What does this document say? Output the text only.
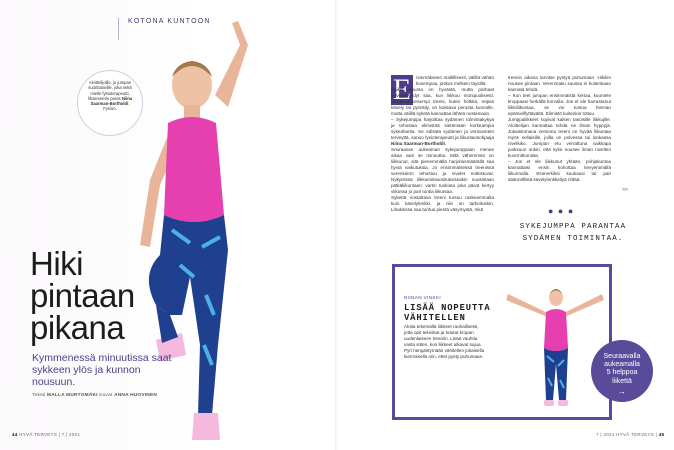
KOTONA KUNTOON
Aloittelijoille, jo jumpan suorittaneille, joka sekä mielle fysioterapeutti, lihasmeetin paras Niina Saarman-Bortholdi: Fysioo.
Hiki
pintaan
pikana
Kymmenessä minuutissa saat sykkeen ylös ja kunnon nousuun.
Teksti MALLA MURTOMÄKI Kuvat ANNA HUOVINEN
44 HYVÄ TERVEYS | 7 | 2021
E	nimmäkseen maltillisesti, välillä vähän kovempaa, joskus melkein täysillä.

Kaikki liikunta on hyvästä, mutta parhaat terveyshyödyt saa, kun liikkuu monipuolisesti. Matalaszkkeisempi treeni, kuten hölkkä, reipas kävely tai pyöräily, on koistava perusta kunnolle, mutta välillä syketä kannattaa lähteä nostamaan.

– Sykejumppa harjoittaa sydämen toimintakykyä ja tehostaa elimistöä sietämään korkeampia sykeahartia. Se edistää sydämen ja verisuonten terveyttä, sanoo fysioterapeutti ja liikuntaosohjaaja Niina Saarman-Bortholdi.

Seuraavan aukeaman sykejumppaan menee aikaa vain se minuuttia. Mitä vähemmän on liikkunut, sitä pienemmällä harjoitusmäärällä saa hyviä vaikutuksia. Jo ensimmäisessä treenissä verenkierto tehostuu ja nivelet notkistuvat. Nykyisissä liikkumissuosituksissakin nuukistaan pätkäliikuntaan: vartin tuokiota joka päivä kertyy viikossa jo pari tuntia liikuntaa.

Sykettä nostattava treeni tuntuu raskeammalta kuin kävelylenkki, ja niin on tarkoituskin. Lihaksissa saa tuntua pientä väsymystä, mkä

treenin aikana tarvitse pystyä puhumaan. Hikikin nousee pintaan. Verenmaku suussa ei kuitenkaan kannata tehdä.

– Kun teet jumpan ensimmäistä kertaa, kuuntele kroppaasi herkällä korvalla. Jos et ole harrastanut liikkiliikuntaa, se voi tuntua hieman epämielllyttävältä. Elimistö kuitenkin tottuu.

Jumppaliikkeet sopivat kaiken tasoisille liikkujille. Aloittelijan kannattaa tehdä ne ilman hyppyjä. Jokaistomana versiona treeni on hyvää liikuntaa myös sellaisille, joilla on polvessa tai lonkassa nivelkiko. Jumpan etu verrattuna vaikkapa juoksuun onkin, että syke nousee ilman nivelten kuormittumista.

– Jos et ole liikkunut yhtään, pohjakuntoa kannattaisi ensin kohottaa kevyemmällä liikunnalla. Esimerkiksi kuukausi tai pari säännöllistä kävelylenkkeilyä riittää.

›››
● ● ●
SYKEJUMPPA PARANTAA SYDÄMEN TOIMINTAA.
NIINAN VINKKI
LISÄÄ NOPEUTTA
VÄHITELLEN
Aloita tekemällä liikkeet rauhallisesti, jotta opit tekniikat ja totutat kropan uudenlaiseen treeniin. Lisää vauhtia vasta sitten, kun liikkeet alkavat sujua. Pyri hengästymään vähitellen jokaisella kierroksella niin, ettet pysty puhumaan.	Seuraavalla
aukeamalla
5 helppoa
liikettä
→
7 | 2021 HYVÄ TERVEYS | 45
